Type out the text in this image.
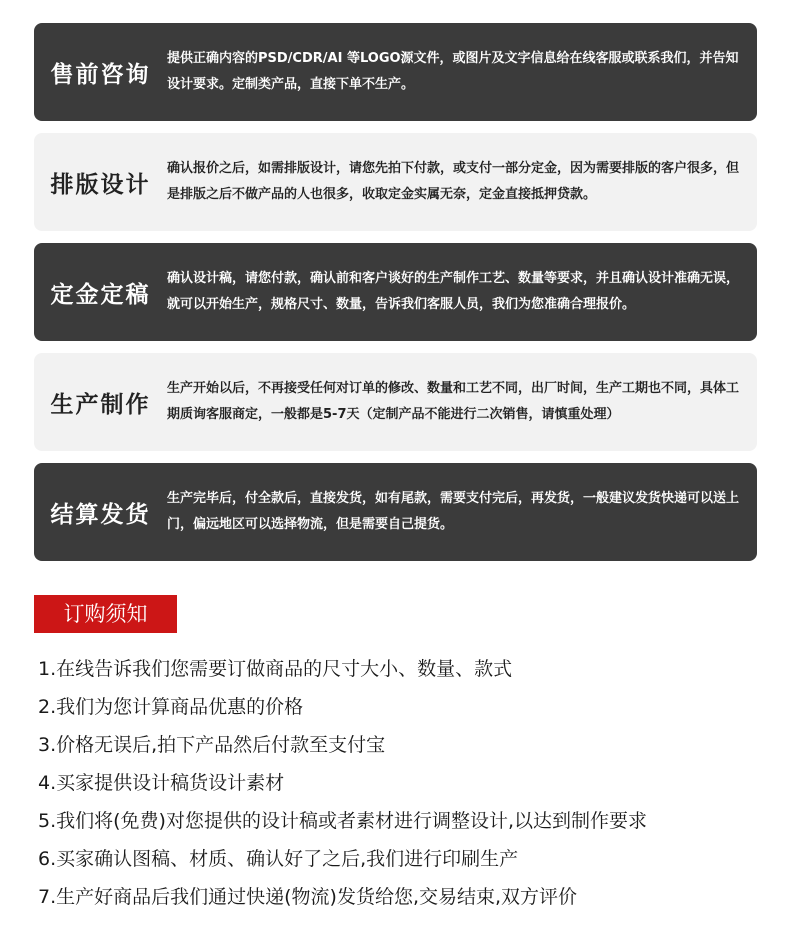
售前咨询
提供正确内容的PSD/CDR/AI 等LOGO源文件，或图片及文字信息给在线客服或联系我们，并告知设计要求。定制类产品，直接下单不生产。
排版设计
确认报价之后，如需排版设计，请您先拍下付款，或支付一部分定金，因为需要排版的客户很多，但是排版之后不做产品的人也很多，收取定金实属无奈，定金直接抵押贷款。
定金定稿
确认设计稿，请您付款，确认前和客户谈好的生产制作工艺、数量等要求，并且确认设计准确无误，就可以开始生产，规格尺寸、数量，告诉我们客服人员，我们为您准确合理报价。
生产制作
生产开始以后，不再接受任何对订单的修改、数量和工艺不同，出厂时间，生产工期也不同，具体工期质询客服商定，一般都是5-7天（定制产品不能进行二次销售，请慎重处理）
结算发货
生产完毕后，付全款后，直接发货，如有尾款，需要支付完后，再发货，一般建议发货快递可以送上门，偏远地区可以选择物流，但是需要自己提货。
订购须知
1.在线告诉我们您需要订做商品的尺寸大小、数量、款式
2.我们为您计算商品优惠的价格
3.价格无误后,拍下产品然后付款至支付宝
4.买家提供设计稿货设计素材
5.我们将(免费)对您提供的设计稿或者素材进行调整设计,以达到制作要求
6.买家确认图稿、材质、确认好了之后,我们进行印刷生产
7.生产好商品后我们通过快递(物流)发货给您,交易结束,双方评价
